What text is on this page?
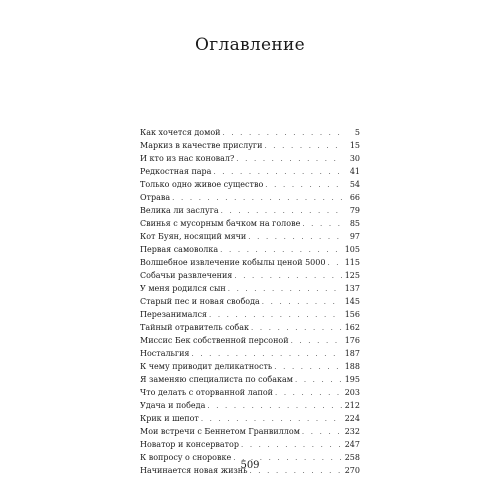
Оглавление
Как хочется домой . . .	5
Маркиз в качестве прислуги . . .	15
И кто из нас коновал? . . .	30
Редкостная пара . . .	41
Только одно живое существо . . .	54
Отрава . . .	66
Велика ли заслуга . . .	79
Свинья с мусорным бачком на голове . . .	85
Кот Буян, носящий мячи . . .	97
Первая самоволка . . .	105
Волшебное извлечение кобылы ценой 5000 . . .	115
Собачьи развлечения . . .	125
У меня родился сын . . .	137
Старый пес и новая свобода . . .	145
Перезанимался . . .	156
Тайный отравитель собак . . .	162
Миссис Бек собственной персоной . . .	176
Ностальгия . . .	187
К чему приводит деликатность . . .	188
Я заменяю специалиста по собакам . . .	195
Что делать с оторванной лапой . . .	203
Удача и победа . . .	212
Крик и шепот . . .	224
Мои встречи с Беннетом Гранвиллом . . .	232
Новатор и консерватор . . .	247
К вопросу о сноровке . . .	258
Начинается новая жизнь . . .	270
509
